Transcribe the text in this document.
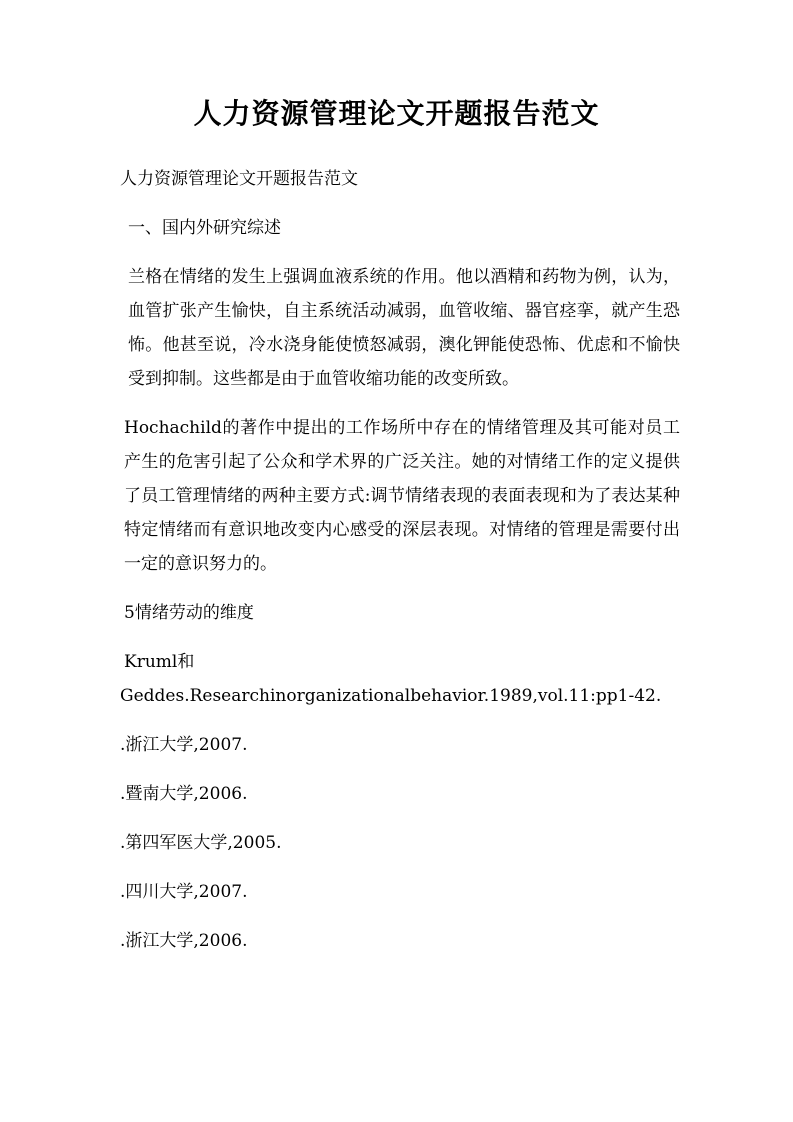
人力资源管理论文开题报告范文

人力资源管理论文开题报告范文

一、国内外研究综述

兰格在情绪的发生上强调血液系统的作用。他以酒精和药物为例，认为，血管扩张产生愉快，自主系统活动减弱，血管收缩、器官痉挛，就产生恐怖。他甚至说，冷水浇身能使愤怒减弱，澳化钾能使恐怖、优虑和不愉快受到抑制。这些都是由于血管收缩功能的改变所致。

Hochachild的著作中提出的工作场所中存在的情绪管理及其可能对员工产生的危害引起了公众和学术界的广泛关注。她的对情绪工作的定义提供了员工管理情绪的两种主要方式:调节情绪表现的表面表现和为了表达某种特定情绪而有意识地改变内心感受的深层表现。对情绪的管理是需要付出一定的意识努力的。

5情绪劳动的维度

Kruml和

Geddes.Researchinorganizationalbehavior.1989,vol.11:pp1-42.

.浙江大学,2007.

.暨南大学,2006.

.第四军医大学,2005.

.四川大学,2007.

.浙江大学,2006.
